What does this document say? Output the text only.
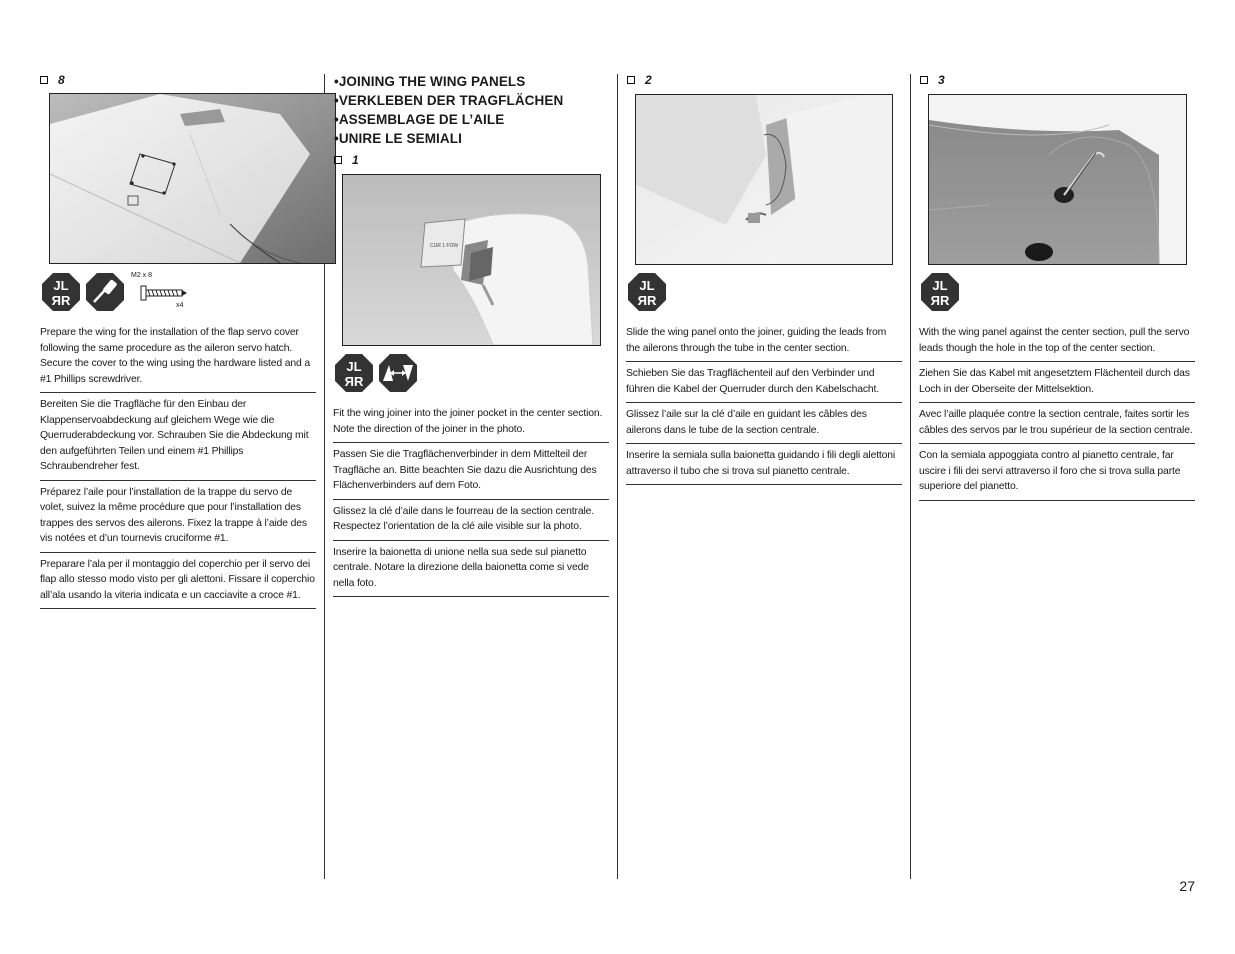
8
JL
ЯR
M2 x 8
x4
Prepare the wing for the installation of the flap servo cover following the same procedure as the aileron servo hatch. Secure the cover to the wing using the hardware listed and a #1 Phillips screwdriver.
Bereiten Sie die Tragfläche für den Einbau der Klappenservoabdeckung auf gleichem Wege wie die Querruderabdeckung vor. Schrauben Sie die Abdeckung mit den aufgeführten Teilen und einem #1 Phillips Schraubendreher fest.
Préparez l’aile pour l’installation de la trappe du servo de volet, suivez la même procédure que pour l’installation des trappes des servos des ailerons. Fixez la trappe à l’aide des vis notées et d’un tournevis cruciforme #1.
Preparare l’ala per il montaggio del coperchio per il servo dei flap allo stesso modo visto per gli alettoni. Fissare il coperchio all’ala usando la viteria indicata e un cacciavite a croce #1.
•JOINING THE WING PANELS
•VERKLEBEN DER TRAGFLÄCHEN
•ASSEMBLAGE DE L’AILE
•UNIRE LE SEMIALI
1
CUR 1 FOW
JL
ЯR
Fit the wing joiner into the joiner pocket in the center section. Note the direction of the joiner in the photo.
Passen Sie die Tragflächenverbinder in dem Mittelteil der Tragfläche an. Bitte beachten Sie dazu die Ausrichtung des Flächenverbinders auf dem Foto.
Glissez la clé d’aile dans le fourreau de la section centrale. Respectez l’orientation de la clé aile visible sur la photo.
Inserire la baionetta di unione nella sua sede sul pianetto centrale. Notare la direzione della baionetta come si vede nella foto.
2
JL
ЯR
Slide the wing panel onto the joiner, guiding the leads from the ailerons through the tube in the center section.
Schieben Sie das Tragflächenteil auf den Verbinder und führen die Kabel der Querruder durch den Kabelschacht.
Glissez l’aile sur la clé d’aile en guidant les câbles des ailerons dans le tube de la section centrale.
Inserire la semiala sulla baionetta guidando i fili degli alettoni attraverso il tubo che si trova sul pianetto centrale.
3
JL
ЯR
With the wing panel against the center section, pull the servo leads though the hole in the top of the center section.
Ziehen Sie das Kabel mit angesetztem Flächenteil durch das Loch in der Oberseite der Mittelsektion.
Avec l’aille plaquée contre la section centrale, faites sortir les câbles des servos par le trou supérieur de la section centrale.
Con la semiala appoggiata contro al pianetto centrale, far uscire i fili dei servi attraverso il foro che si trova sulla parte superiore del pianetto.
27
